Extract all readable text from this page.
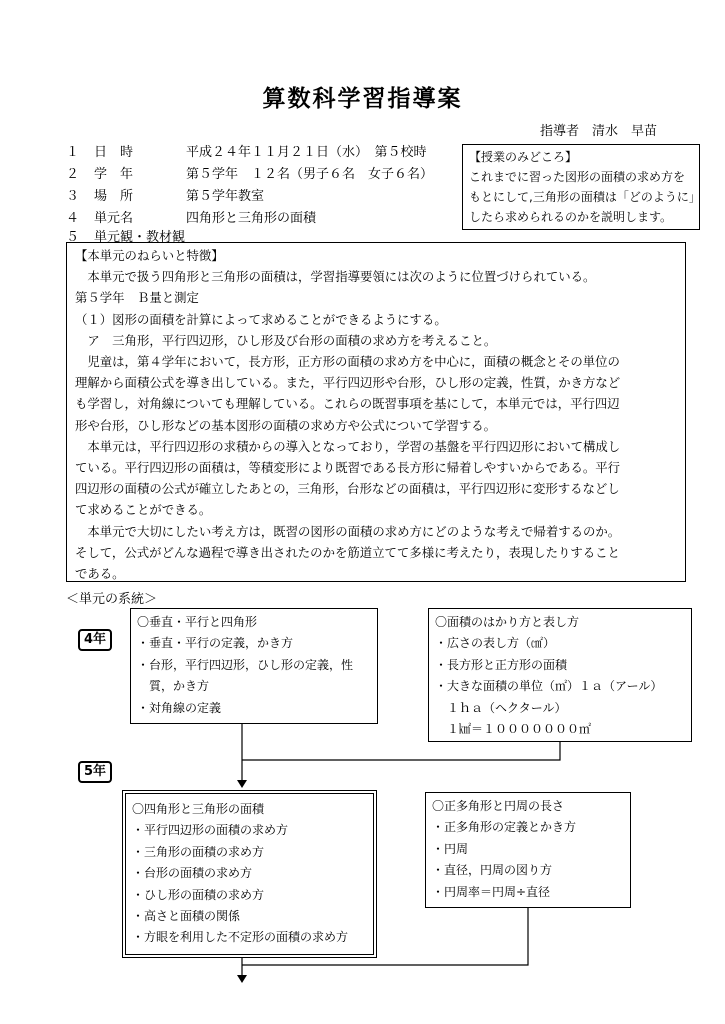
算数科学習指導案
指導者　清水　早苗
１	日　時	平成２４年１１月２１日（水）　第５校時
２	学　年	第５学年　１２名（男子６名　女子６名）
３	場　所	第５学年教室
４	単元名	四角形と三角形の面積
５	単元観・教材観
【授業のみどころ】
これまでに習った図形の面積の求め方を
もとにして,三角形の面積は「どのように」
したら求められるのかを説明します。

【本単元のねらいと特徴】

　本単元で扱う四角形と三角形の面積は，学習指導要領には次のように位置づけられている。

第５学年　Ｂ量と測定

（１）図形の面積を計算によって求めることができるようにする。

　ア　三角形，平行四辺形，ひし形及び台形の面積の求め方を考えること。

　児童は，第４学年において，長方形，正方形の面積の求め方を中心に，面積の概念とその単位の

理解から面積公式を導き出している。また，平行四辺形や台形，ひし形の定義，性質，かき方など

も学習し，対角線についても理解している。これらの既習事項を基にして，本単元では，平行四辺

形や台形，ひし形などの基本図形の面積の求め方や公式について学習する。

　本単元は，平行四辺形の求積からの導入となっており，学習の基盤を平行四辺形において構成し

ている。平行四辺形の面積は，等積変形により既習である長方形に帰着しやすいからである。平行

四辺形の面積の公式が確立したあとの，三角形，台形などの面積は，平行四辺形に変形するなどし

て求めることができる。

　本単元で大切にしたい考え方は，既習の図形の面積の求め方にどのような考えで帰着するのか。

そして，公式がどんな過程で導き出されたのかを筋道立てて多様に考えたり，表現したりすること

である。

＜単元の系統＞
4年
5年

〇垂直・平行と四角形

・垂直・平行の定義，かき方

・台形，平行四辺形，ひし形の定義，性

　質，かき方

・対角線の定義

〇面積のはかり方と表し方

・広さの表し方（㎠）

・長方形と正方形の面積

・大きな面積の単位（㎡）１ａ（アール）

　１ｈａ（ヘクタール）

　１㎢＝１０００００００㎡

〇四角形と三角形の面積

・平行四辺形の面積の求め方

・三角形の面積の求め方

・台形の面積の求め方

・ひし形の面積の求め方

・高さと面積の関係

・方眼を利用した不定形の面積の求め方

〇正多角形と円周の長さ

・正多角形の定義とかき方

・円周

・直径，円周の図り方

・円周率＝円周÷直径
